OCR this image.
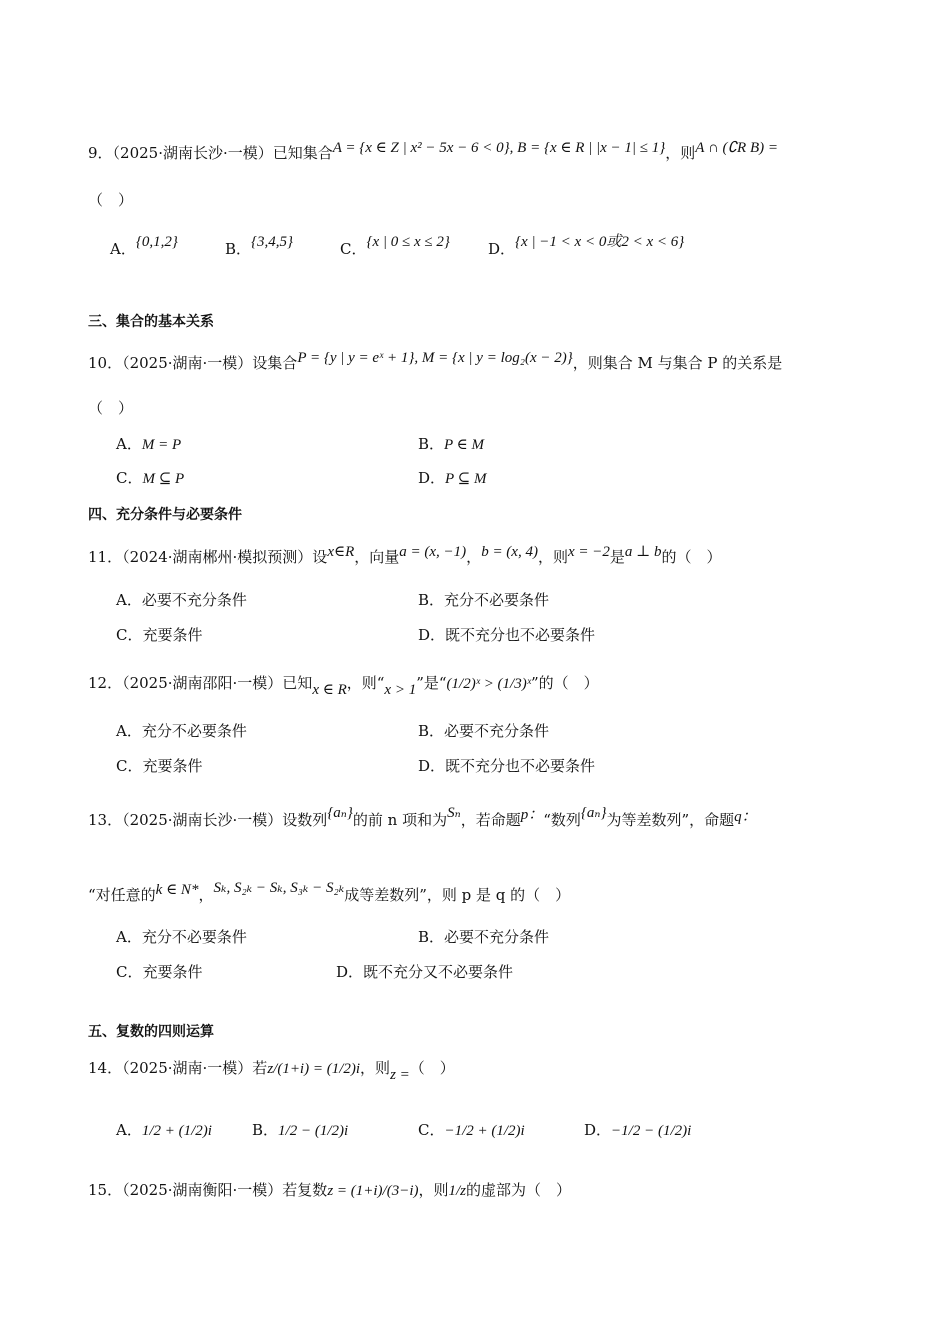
9．（2025·湖南长沙·一模）已知集合A = {x ∈ Z | x² − 5x − 6 < 0}, B = {x ∈ R | |x − 1| ≤ 1}，则A ∩ (∁R B) =
（　）
A．{0,1,2}	B．{3,4,5}	C．{x | 0 ≤ x ≤ 2}	D．{x | −1 < x < 0或2 < x < 6}
三、集合的基本关系
10．（2025·湖南·一模）设集合P = {y | y = eˣ + 1}, M = {x | y = log₂(x − 2)}，则集合 M 与集合 P 的关系是
（　）
A．M = P	B．P ∈ M
C．M ⊆ P	D．P ⊆ M
四、充分条件与必要条件
11．（2024·湖南郴州·模拟预测）设x∈R，向量a = (x, −1)，b = (x, 4)，则x = −2是a ⊥ b的（　）
A．必要不充分条件	B．充分不必要条件
C．充要条件	D．既不充分也不必要条件
12．（2025·湖南邵阳·一模）已知x ∈ R，则“x > 1”是“(1/2)ˣ > (1/3)ˣ”的（　）
A．充分不必要条件	B．必要不充分条件
C．充要条件	D．既不充分也不必要条件
13．（2025·湖南长沙·一模）设数列{aₙ}的前 n 项和为Sₙ，若命题p：“数列{aₙ}为等差数列”，命题q：
“对任意的k ∈ N*，Sₖ, S₂ₖ − Sₖ, S₃ₖ − S₂ₖ成等差数列”，则 p 是 q 的（　）
A．充分不必要条件	B．必要不充分条件
C．充要条件	D．既不充分又不必要条件
五、复数的四则运算
14．（2025·湖南·一模）若z/(1+i) = (1/2)i，则z =（　）
A．1/2 + (1/2)i	B．1/2 − (1/2)i	C．−1/2 + (1/2)i	D．−1/2 − (1/2)i
15．（2025·湖南衡阳·一模）若复数z = (1+i)/(3−i)，则1/z的虚部为（　）
